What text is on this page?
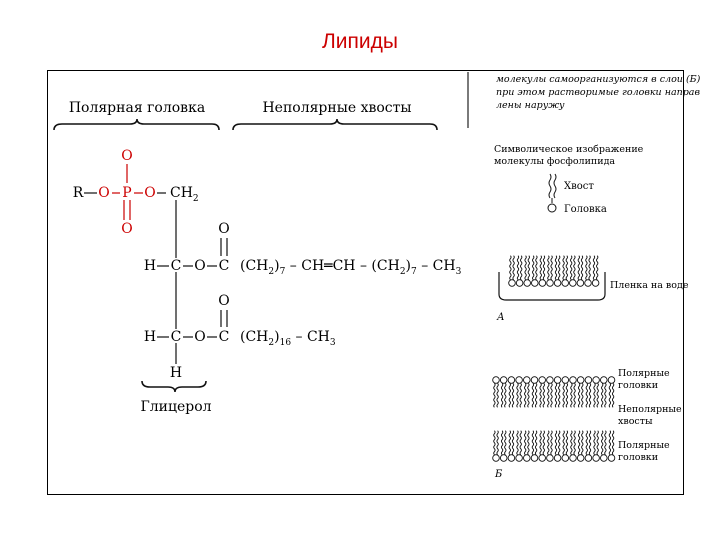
Липиды
Полярная головка	Неполярные хвосты
Глицерол
O
O P O
O
R	$CH_2$
O
H C O C $(CH_2)_7$ – CH═CH – $(CH_2)_7 - CH_3$
O
H C O C $(CH_2)_{16} - CH_3$
H
молекулы самоорганизуются в слои (Б)
при этом растворимые головки направ
лены наружу
Символическое изображение
молекулы фосфолипида
Хвост
Головка
Пленка на воде
А
Полярные
головки
Неполярные
хвосты
Полярные
головки
Б
